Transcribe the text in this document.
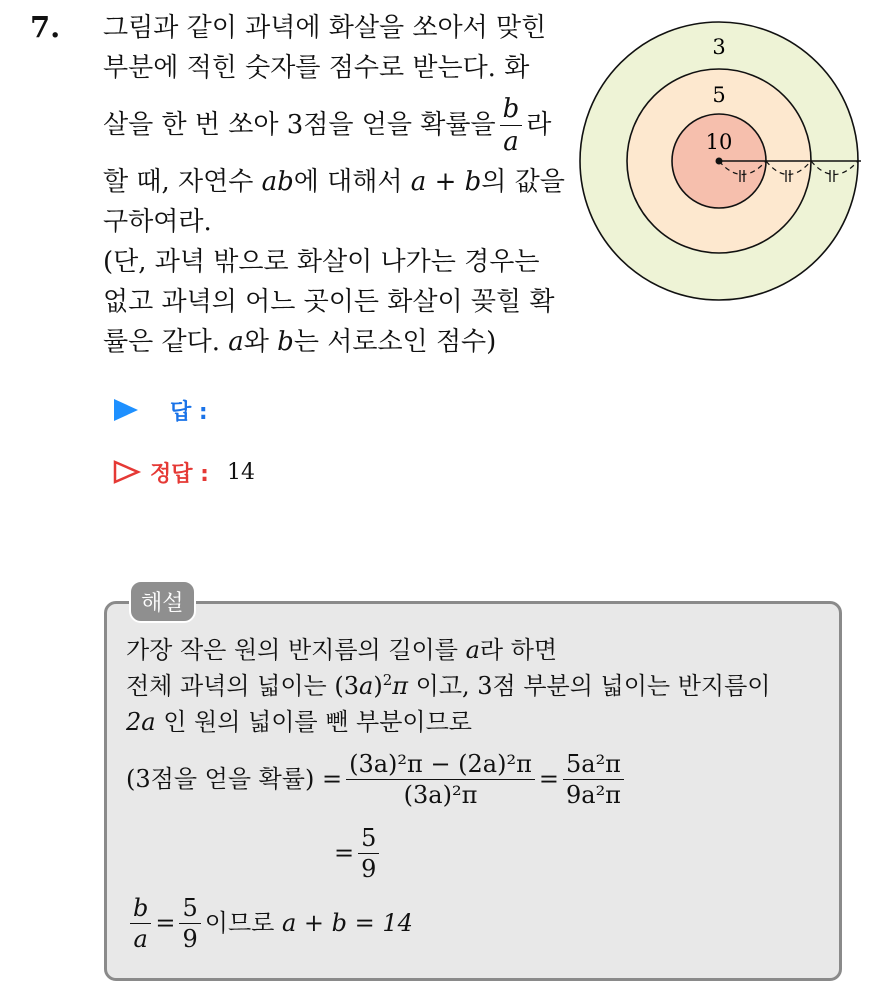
7. 그림과 같이 과녁에 화살을 쏘아서 맞힌
부분에 적힌 숫자를 점수로 받는다. 화
살을 한 번 쏘아 3점을 얻을 확률을 $\frac{b}{a}$ 라
할 때, 자연수 ab에 대해서 a + b의 값을
구하여라.
(단, 과녁 밖으로 화살이 나가는 경우는
없고 과녁의 어느 곳이든 화살이 꽂힐 확
률은 같다. a와 b는 서로소인 점수)
3
5
10
답 :
정답 : 14
해설
가장 작은 원의 반지름의 길이를 a라 하면
전체 과녁의 넓이는 $(3a)^2\pi$ 이고, 3점 부분의 넓이는 반지름이
2a 인 원의 넓이를 뺀 부분이므로
(3점을 얻을 확률) = $\frac{\text{(3a)²π − (2a)²π}}{\text{(3a)²π}} = \frac{\text{5a²π}}{\text{9a²π}}$
= $\frac{5}{9}$
$\frac{b}{a} = \frac{5}{9}$ 이므로
a + b = 14
